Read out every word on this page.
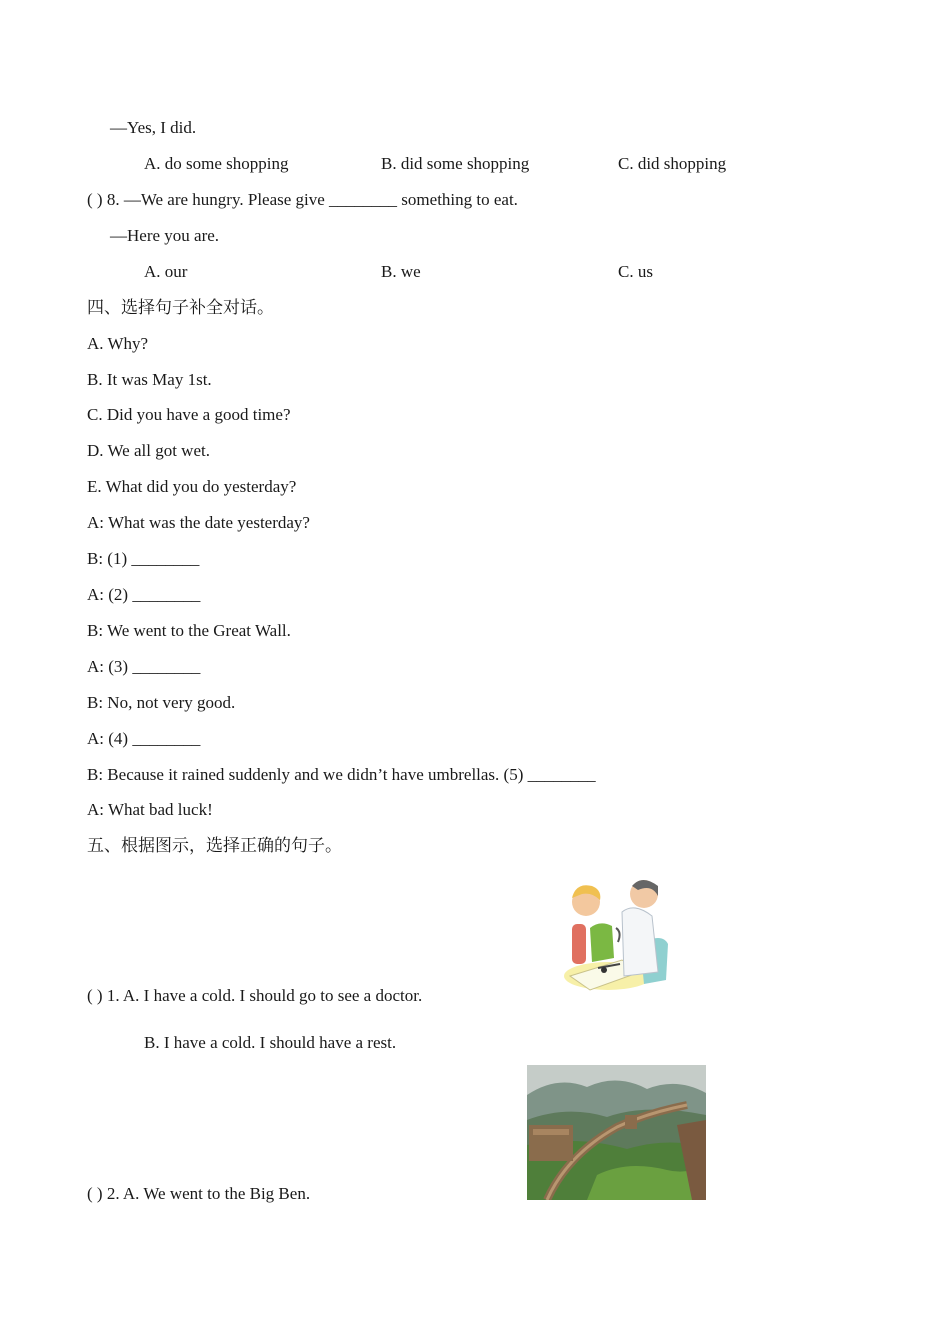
—Yes, I did.
A. do some shopping	B. did some shopping	C. did shopping
( ) 8. —We are hungry. Please give ________ something to eat.
—Here you are.
A. our	B. we	C. us
四、选择句子补全对话。
A. Why?
B. It was May 1st.
C. Did you have a good time?
D. We all got wet.
E. What did you do yesterday?
A: What was the date yesterday?
B: (1) ________
A: (2) ________
B: We went to the Great Wall.
A: (3) ________
B: No, not very good.
A: (4) ________
B: Because it rained suddenly and we didn’t have umbrellas. (5) ________
A: What bad luck!
五、根据图示，选择正确的句子。
( ) 1. A. I have a cold. I should go to see a doctor.
B. I have a cold. I should have a rest.
( ) 2. A. We went to the Big Ben.
